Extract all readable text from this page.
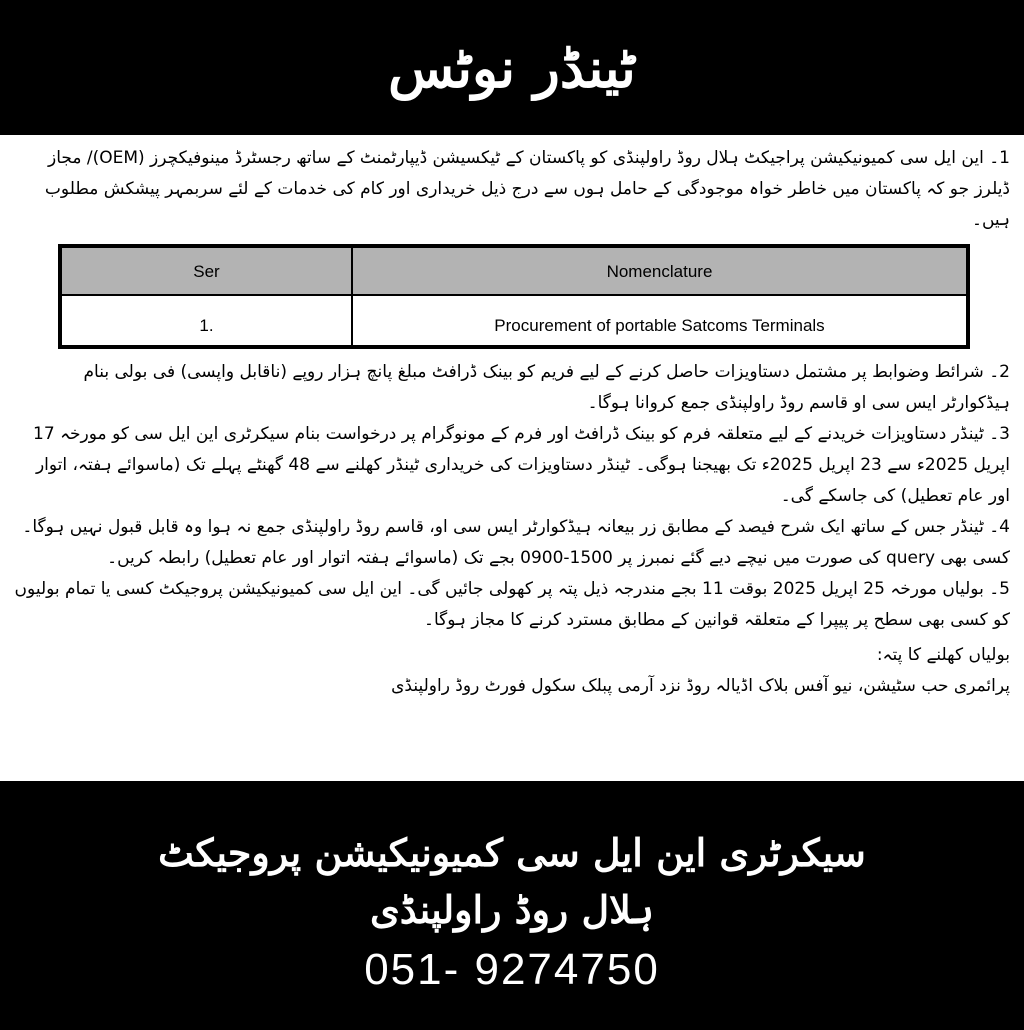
ٹینڈر نوٹس

1۔ این ایل سی کمیونیکیشن پراجیکٹ ہلال روڈ راولپنڈی کو پاکستان کے ٹیکسیشن ڈیپارٹمنٹ کے ساتھ رجسٹرڈ مینوفیکچرز (OEM)/ مجاز ڈیلرز جو کہ پاکستان میں خاطر خواہ موجودگی کے حامل ہوں سے درج ذیل خریداری اور کام کی خدمات کے لئے سربمہر پیشکش مطلوب ہیں۔

Ser	Nomenclature
1.	Procurement of portable Satcoms Terminals

2۔ شرائط وضوابط پر مشتمل دستاویزات حاصل کرنے کے لیے فریم کو بینک ڈرافٹ مبلغ پانچ ہزار روپے (ناقابل واپسی) فی بولی بنام ہیڈکوارٹر ایس سی او قاسم روڈ راولپنڈی جمع کروانا ہوگا۔

3۔ ٹینڈر دستاویزات خریدنے کے لیے متعلقہ فرم کو بینک ڈرافٹ اور فرم کے مونوگرام پر درخواست بنام سیکرٹری این ایل سی کو مورخہ 17 اپریل 2025ء سے 23 اپریل 2025ء تک بھیجنا ہوگی۔ ٹینڈر دستاویزات کی خریداری ٹینڈر کھلنے سے 48 گھنٹے پہلے تک (ماسوائے ہفتہ، اتوار اور عام تعطیل) کی جاسکے گی۔

4۔ ٹینڈر جس کے ساتھ ایک شرح فیصد کے مطابق زر بیعانہ ہیڈکوارٹر ایس سی او، قاسم روڈ راولپنڈی جمع نہ ہوا وہ قابل قبول نہیں ہوگا۔ کسی بھی query کی صورت میں نیچے دیے گئے نمبرز پر 1500-0900 بجے تک (ماسوائے ہفتہ اتوار اور عام تعطیل) رابطہ کریں۔

5۔ بولیاں مورخہ 25 اپریل 2025 بوقت 11 بجے مندرجہ ذیل پتہ پر کھولی جائیں گی۔ این ایل سی کمیونیکیشن پروجیکٹ کسی یا تمام بولیوں کو کسی بھی سطح پر پیپرا کے متعلقہ قوانین کے مطابق مسترد کرنے کا مجاز ہوگا۔

بولیاں کھلنے کا پتہ:

پرائمری حب سٹیشن، نیو آفس بلاک اڈیالہ روڈ نزد آرمی پبلک سکول فورٹ روڈ راولپنڈی

سیکرٹری این ایل سی کمیونیکیشن پروجیکٹ
ہلال روڈ راولپنڈی
051- 9274750
